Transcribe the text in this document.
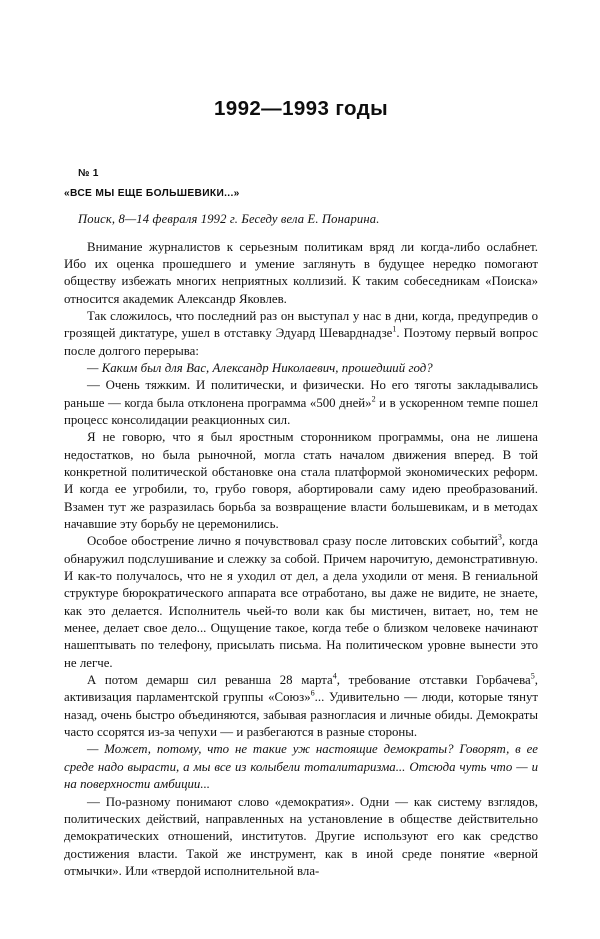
1992—1993 годы

№ 1

«ВСЕ МЫ ЕЩЕ БОЛЬШЕВИКИ...»

Поиск, 8—14 февраля 1992 г. Беседу вела Е. Понарина.

Внимание журналистов к серьезным политикам вряд ли когда-либо ослабнет. Ибо их оценка прошедшего и умение заглянуть в будущее нередко помогают обществу избежать многих неприятных коллизий. К таким собеседникам «Поиска» относится академик Александр Яковлев.

Так сложилось, что последний раз он выступал у нас в дни, когда, предупредив о грозящей диктатуре, ушел в отставку Эдуард Шеварднадзе$^1$. Поэтому первый вопрос после долгого перерыва:

— Каким был для Вас, Александр Николаевич, прошедший год?

— Очень тяжким. И политически, и физически. Но его тяготы закладывались раньше — когда была отклонена программа «500 дней»$^2$ и в ускоренном темпе пошел процесс консолидации реакционных сил.

Я не говорю, что я был яростным сторонником программы, она не лишена недостатков, но была рыночной, могла стать началом движения вперед. В той конкретной политической обстановке она стала платформой экономических реформ. И когда ее угробили, то, грубо говоря, абортировали саму идею преобразований. Взамен тут же разразилась борьба за возвращение власти большевикам, и в методах начавшие эту борьбу не церемонились.

Особое обострение лично я почувствовал сразу после литовских событий$^3$, когда обнаружил подслушивание и слежку за собой. Причем нарочитую, демонстративную. И как-то получалось, что не я уходил от дел, а дела уходили от меня. В гениальной структуре бюрократического аппарата все отработано, вы даже не видите, не знаете, как это делается. Исполнитель чьей-то воли как бы мистичен, витает, но, тем не менее, делает свое дело... Ощущение такое, когда тебе о близком человеке начинают нашептывать по телефону, присылать письма. На политическом уровне вынести это не легче.

А потом демарш сил реванша 28 марта$^4$, требование отставки Горбачева$^5$, активизация парламентской группы «Союз»$^6$... Удивительно — люди, которые тянут назад, очень быстро объединяются, забывая разногласия и личные обиды. Демократы часто ссорятся из-за чепухи — и разбегаются в разные стороны.

— Может, потому, что не такие уж настоящие демократы? Говорят, в ее среде надо вырасти, а мы все из колыбели тоталитаризма... Отсюда чуть что — и на поверхности амбиции...

— По-разному понимают слово «демократия». Одни — как систему взглядов, политических действий, направленных на установление в обществе действительно демократических отношений, институтов. Другие используют его как средство достижения власти. Такой же инструмент, как в иной среде понятие «верной отмычки». Или «твердой исполнительной вла-
